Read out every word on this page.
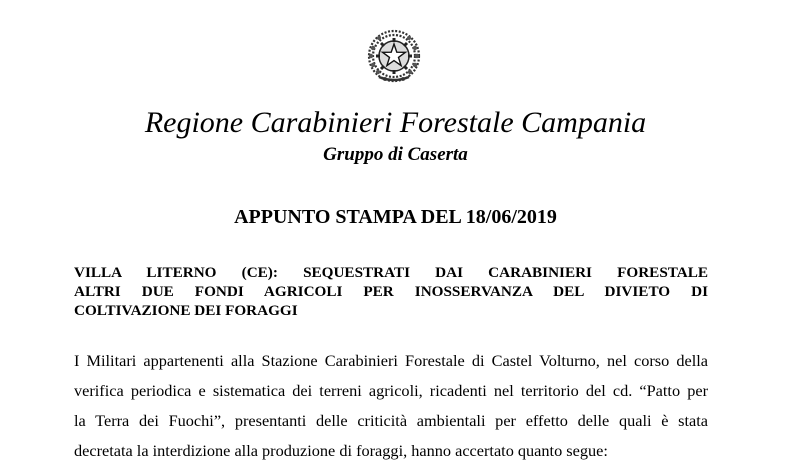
Regione Carabinieri Forestale Campania
Gruppo di Caserta
APPUNTO STAMPA DEL 18/06/2019

VILLA LITERNO (CE): SEQUESTRATI DAI CARABINIERI FORESTALE
ALTRI DUE FONDI AGRICOLI PER INOSSERVANZA DEL DIVIETO DI
COLTIVAZIONE DEI FORAGGI

I Militari appartenenti alla Stazione Carabinieri Forestale di Castel Volturno, nel corso della
verifica periodica e sistematica dei terreni agricoli, ricadenti nel territorio del cd. “Patto per
la Terra dei Fuochi”, presentanti delle criticità ambientali per effetto delle quali è stata
decretata la interdizione alla produzione di foraggi, hanno accertato quanto segue:
